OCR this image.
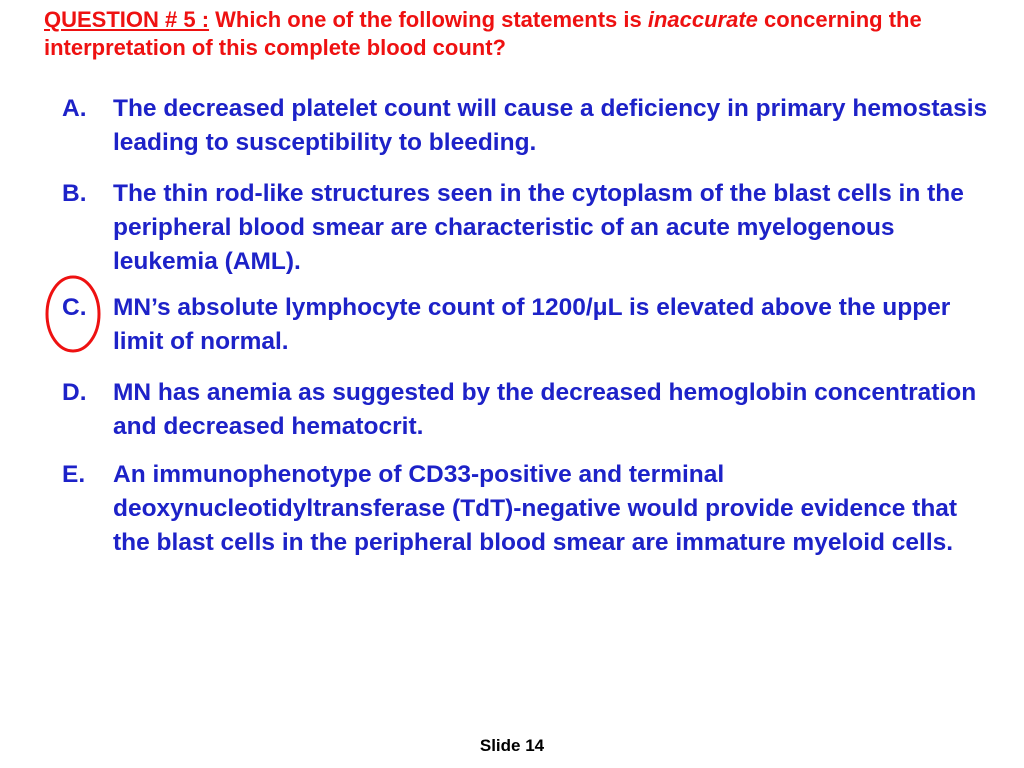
QUESTION # 5 : Which one of the following statements is inaccurate concerning the interpretation of this complete blood count?
A.	The decreased platelet count will cause a deficiency in primary hemostasis leading to susceptibility to bleeding.
B.	The thin rod-like structures seen in the cytoplasm of the blast cells in the peripheral blood smear are characteristic of an acute myelogenous leukemia (AML).
C.	MN’s absolute lymphocyte count of 1200/μL is elevated above the upper limit of normal.
D.	MN has anemia as suggested by the decreased hemoglobin concentration and decreased hematocrit.
E.	An immunophenotype of CD33-positive and terminal deoxynucleotidyltransferase (TdT)-negative would provide evidence that the blast cells in the peripheral blood smear are immature myeloid cells.
Slide 14
